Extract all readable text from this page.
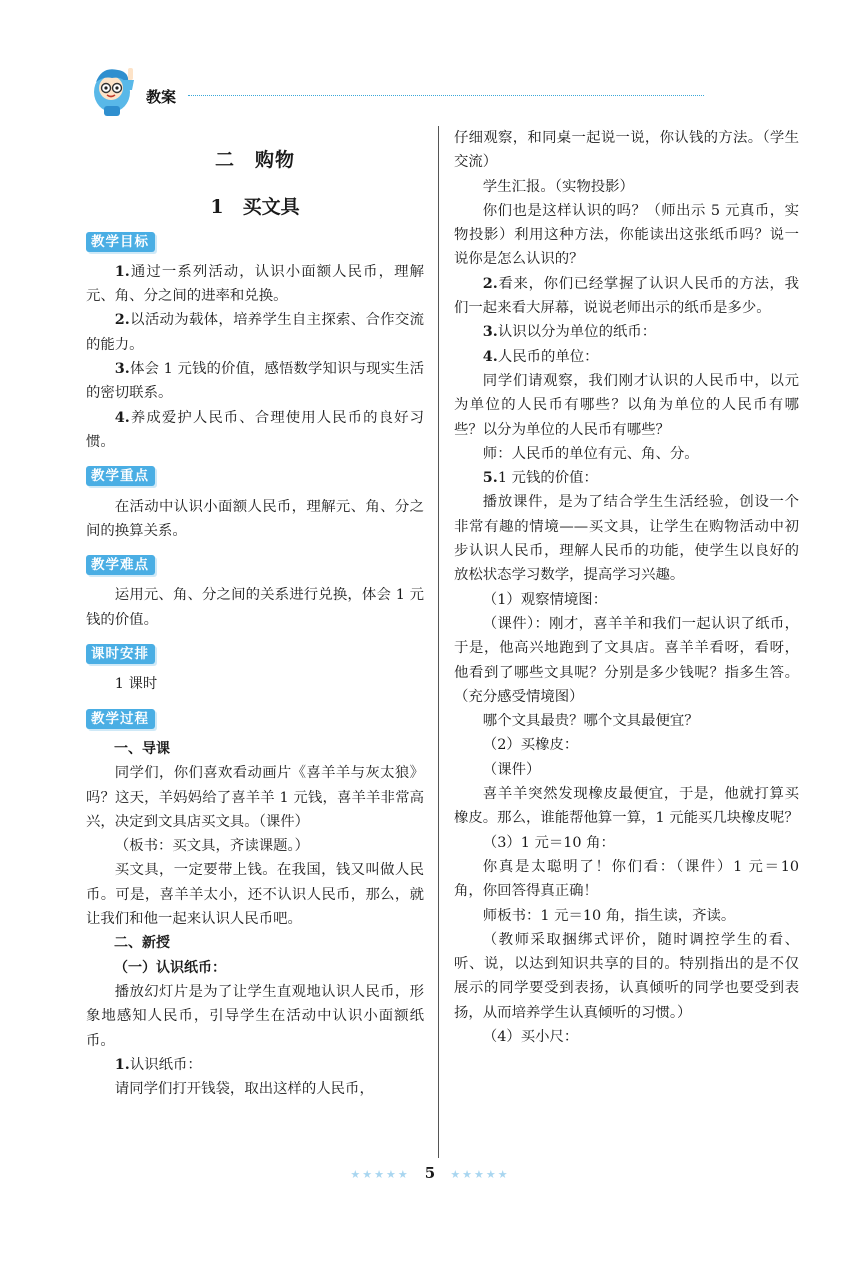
教案

二　购物

1　买文具

教学目标

1.通过一系列活动，认识小面额人民币，理解元、角、分之间的进率和兑换。

2.以活动为载体，培养学生自主探索、合作交流的能力。

3.体会 1 元钱的价值，感悟数学知识与现实生活的密切联系。

4.养成爱护人民币、合理使用人民币的良好习惯。

教学重点

在活动中认识小面额人民币，理解元、角、分之间的换算关系。

教学难点

运用元、角、分之间的关系进行兑换，体会 1 元钱的价值。

课时安排

1 课时

教学过程

一、导课

同学们，你们喜欢看动画片《喜羊羊与灰太狼》吗？这天，羊妈妈给了喜羊羊 1 元钱，喜羊羊非常高兴，决定到文具店买文具。（课件）

（板书：买文具，齐读课题。）

买文具，一定要带上钱。在我国，钱又叫做人民币。可是，喜羊羊太小，还不认识人民币，那么，就让我们和他一起来认识人民币吧。

二、新授

（一）认识纸币：

播放幻灯片是为了让学生直观地认识人民币，形象地感知人民币，引导学生在活动中认识小面额纸币。

1.认识纸币：

请同学们打开钱袋，取出这样的人民币，

仔细观察，和同桌一起说一说，你认钱的方法。（学生交流）

学生汇报。（实物投影）

你们也是这样认识的吗？（师出示 5 元真币，实物投影）利用这种方法，你能读出这张纸币吗？说一说你是怎么认识的？

2.看来，你们已经掌握了认识人民币的方法，我们一起来看大屏幕，说说老师出示的纸币是多少。

3.认识以分为单位的纸币：

4.人民币的单位：

同学们请观察，我们刚才认识的人民币中，以元为单位的人民币有哪些？以角为单位的人民币有哪些？以分为单位的人民币有哪些？

师：人民币的单位有元、角、分。

5.1 元钱的价值：

播放课件，是为了结合学生生活经验，创设一个非常有趣的情境——买文具，让学生在购物活动中初步认识人民币，理解人民币的功能，使学生以良好的放松状态学习数学，提高学习兴趣。

（1）观察情境图：

（课件）：刚才，喜羊羊和我们一起认识了纸币，于是，他高兴地跑到了文具店。喜羊羊看呀，看呀，他看到了哪些文具呢？分别是多少钱呢？指多生答。（充分感受情境图）

哪个文具最贵？哪个文具最便宜？

（2）买橡皮：

（课件）

喜羊羊突然发现橡皮最便宜，于是，他就打算买橡皮。那么，谁能帮他算一算，1 元能买几块橡皮呢？

（3）1 元＝10 角：

你真是太聪明了！你们看：（课件）1 元＝10 角，你回答得真正确！

师板书：1 元＝10 角，指生读，齐读。

（教师采取捆绑式评价，随时调控学生的看、听、说，以达到知识共享的目的。特别指出的是不仅展示的同学要受到表扬，认真倾听的同学也要受到表扬，从而培养学生认真倾听的习惯。）

（4）买小尺：

★★★★★ 5 ★★★★★
